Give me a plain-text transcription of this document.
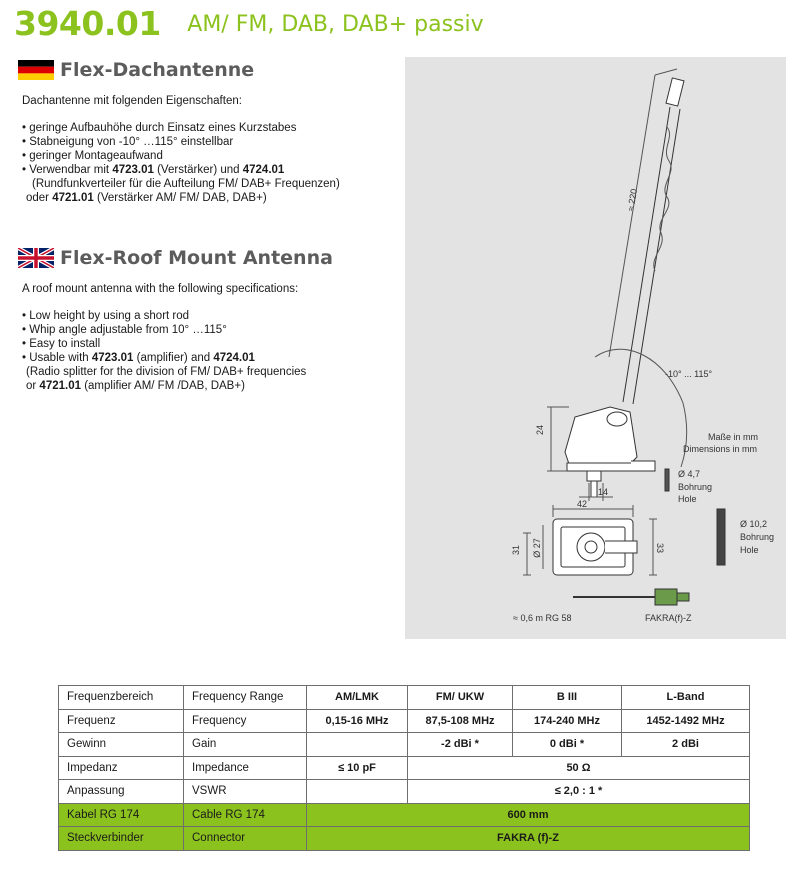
3940.01 AM/ FM, DAB, DAB+ passiv
Flex-Dachantenne
Dachantenne mit folgenden Eigenschaften:
• geringe Aufbauhöhe durch Einsatz eines Kurzstabes
• Stabneigung von -10° …115° einstellbar
• geringer Montageaufwand
• Verwendbar mit 4723.01 (Verstärker) und 4724.01
(Rundfunkverteiler für die Aufteilung FM/ DAB+ Frequenzen)
oder 4721.01 (Verstärker AM/ FM/ DAB, DAB+)
Flex-Roof Mount Antenna
A roof mount antenna with the following specifications:
• Low height by using a short rod
• Whip angle adjustable from 10° …115°
• Easy to install
• Usable with 4723.01 (amplifier) and 4724.01
(Radio splitter for the division of FM/ DAB+ frequencies
or 4721.01 (amplifier AM/ FM /DAB, DAB+)
≈ 220
-10° ... 115°
24
Maße in mm
Dimensions in mm
Ø 4,7
Bohrung
Hole
14
42
Ø 10,2
Bohrung
Hole
31 Ø 27	33
≈ 0,6 m RG 58	FAKRA(f)-Z
Frequenzbereich	Frequency Range	AM/LMK	FM/ UKW	B III	L-Band
Frequenz	Frequency	0,15-16 MHz	87,5-108 MHz	174-240 MHz	1452-1492 MHz
Gewinn	Gain		-2 dBi *	0 dBi *	2 dBi
Impedanz	Impedance	≤ 10 pF	50 Ω		
Anpassung	VSWR		≤ 2,0 : 1 *		
Kabel RG 174	Cable RG 174	600 mm			
Steckverbinder	Connector	FAKRA (f)-Z			
